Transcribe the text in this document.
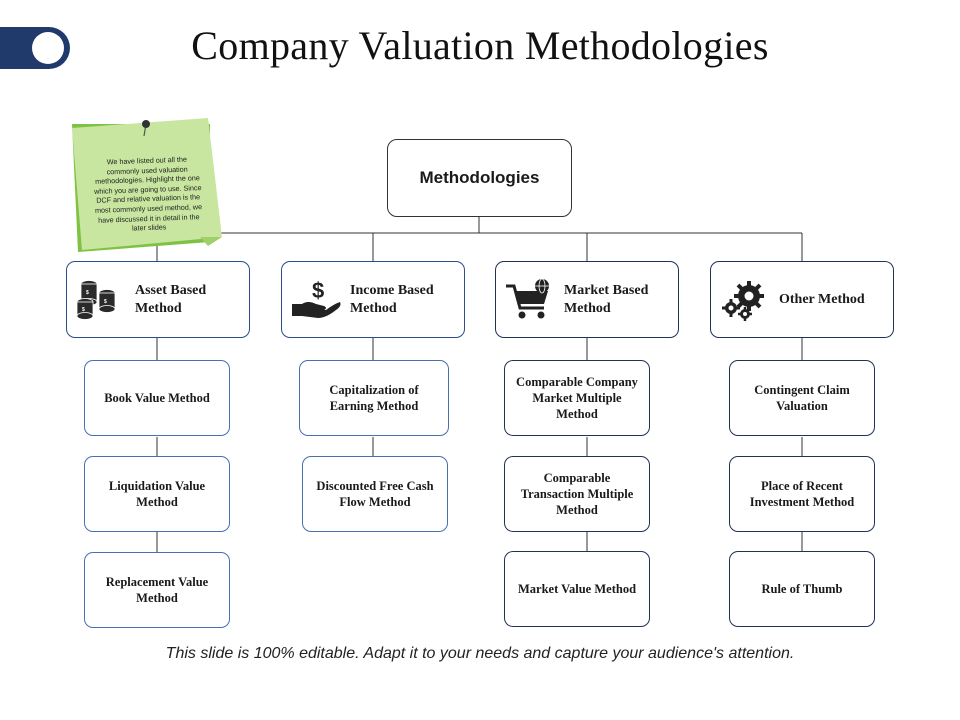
Company Valuation Methodologies
We have listed out all the commonly used valuation methodologies. Highlight the one which you are going to use. Since DCF and relative valuation is the most commonly used method, we have discussed it in detail in the later slides
Methodologies
$
$
$
Asset Based Method
$ Income Based Method
Market Based Method
Other Method
Book Value Method
Liquidation Value Method
Replacement Value Method
Capitalization of Earning Method
Discounted Free Cash Flow Method
Comparable Company Market Multiple Method
Comparable Transaction Multiple Method
Market Value Method
Contingent Claim Valuation
Place of Recent Investment Method
Rule of Thumb
This slide is 100% editable. Adapt it to your needs and capture your audience's attention.
